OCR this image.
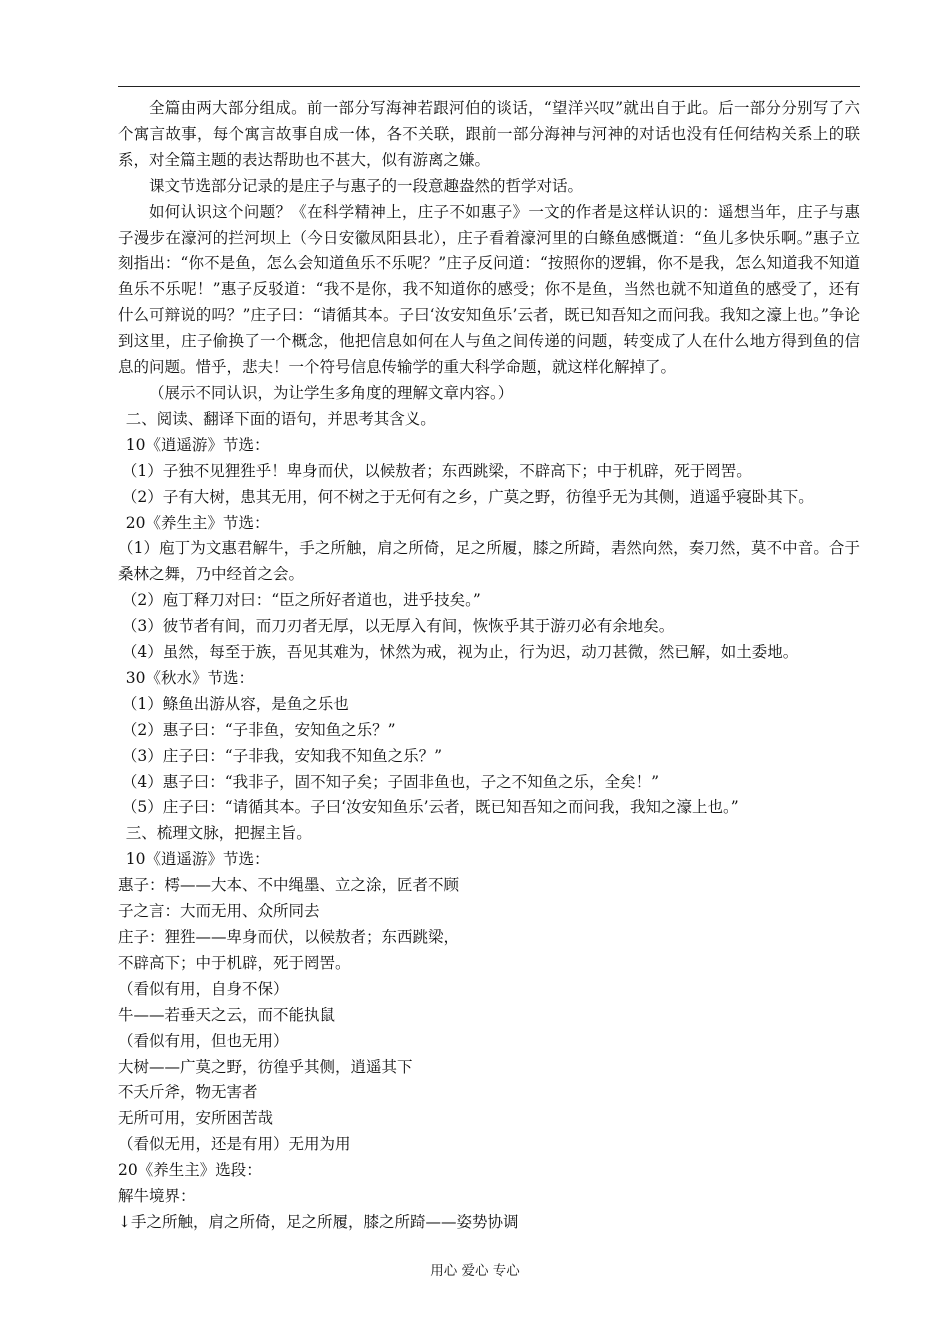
全篇由两大部分组成。前一部分写海神若跟河伯的谈话，“望洋兴叹”就出自于此。后一部分分别写了六个寓言故事，每个寓言故事自成一体，各不关联，跟前一部分海神与河神的对话也没有任何结构关系上的联系，对全篇主题的表达帮助也不甚大，似有游离之嫌。

课文节选部分记录的是庄子与惠子的一段意趣盎然的哲学对话。

如何认识这个问题？《在科学精神上，庄子不如惠子》一文的作者是这样认识的：遥想当年，庄子与惠子漫步在濠河的拦河坝上（今日安徽凤阳县北），庄子看着濠河里的白鲦鱼感慨道：“鱼儿多快乐啊。”惠子立刻指出：“你不是鱼，怎么会知道鱼乐不乐呢？”庄子反问道：“按照你的逻辑，你不是我，怎么知道我不知道鱼乐不乐呢！”惠子反驳道：“我不是你，我不知道你的感受；你不是鱼，当然也就不知道鱼的感受了，还有什么可辩说的吗？”庄子曰：“请循其本。子曰‘汝安知鱼乐’云者，既已知吾知之而问我。我知之濠上也。”争论到这里，庄子偷换了一个概念，他把信息如何在人与鱼之间传递的问题，转变成了人在什么地方得到鱼的信息的问题。惜乎，悲夫！一个符号信息传输学的重大科学命题，就这样化解掉了。

（展示不同认识，为让学生多角度的理解文章内容。）

二、阅读、翻译下面的语句，并思考其含义。

10《逍遥游》节选：

（1）子独不见狸狌乎！卑身而伏，以候敖者；东西跳梁，不辟高下；中于机辟，死于罔罟。

（2）子有大树，患其无用，何不树之于无何有之乡，广莫之野，彷徨乎无为其侧，逍遥乎寝卧其下。

20《养生主》节选：

（1）庖丁为文惠君解牛，手之所触，肩之所倚，足之所履，膝之所踦，砉然向然，奏刀然，莫不中音。合于桑林之舞，乃中经首之会。

（2）庖丁释刀对曰：“臣之所好者道也，进乎技矣。”

（3）彼节者有间，而刀刃者无厚，以无厚入有间，恢恢乎其于游刃必有余地矣。

（4）虽然，每至于族，吾见其难为，怵然为戒，视为止，行为迟，动刀甚微，然已解，如土委地。

30《秋水》节选：

（1）鲦鱼出游从容，是鱼之乐也

（2）惠子曰：“子非鱼，安知鱼之乐？”

（3）庄子曰：“子非我，安知我不知鱼之乐？”

（4）惠子曰：“我非子，固不知子矣；子固非鱼也，子之不知鱼之乐，全矣！”

（5）庄子曰：“请循其本。子曰‘汝安知鱼乐’云者，既已知吾知之而问我，我知之濠上也。”

三、梳理文脉，把握主旨。

10《逍遥游》节选：

惠子：樗——大本、不中绳墨、立之涂，匠者不顾

子之言：大而无用、众所同去

庄子：狸狌——卑身而伏，以候敖者；东西跳梁，

不辟高下；中于机辟，死于罔罟。

（看似有用，自身不保）

牛——若垂天之云，而不能执鼠

（看似有用，但也无用）

大树——广莫之野，彷徨乎其侧，逍遥其下

不夭斤斧，物无害者

无所可用，安所困苦哉

（看似无用，还是有用）无用为用

20《养生主》选段：

解牛境界：

↓手之所触，肩之所倚，足之所履，膝之所踦——姿势协调

用心 爱心 专心
